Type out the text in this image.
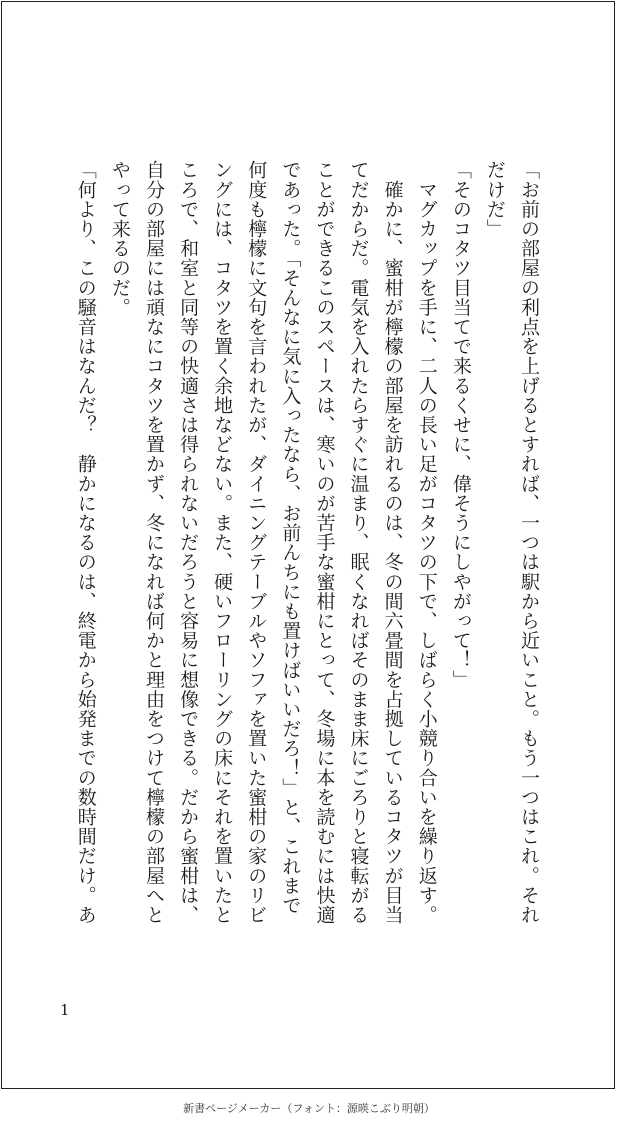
「お前の部屋の利点を上げるとすれば、一つは駅から近いこと。もう一つはこれ。それだけだ」

「そのコタツ目当てで来るくせに、偉そうにしやがって！」

　マグカップを手に、二人の長い足がコタツの下で、しばらく小競り合いを繰り返す。

　確かに、蜜柑が檸檬の部屋を訪れるのは、冬の間六畳間を占拠しているコタツが目当てだからだ。電気を入れたらすぐに温まり、眠くなればそのまま床にごろりと寝転がることができるこのスペースは、寒いのが苦手な蜜柑にとって、冬場に本を読むには快適であった。「そんなに気に入ったなら、お前んちにも置けばいいだろ！」と、これまで何度も檸檬に文句を言われたが、ダイニングテーブルやソファを置いた蜜柑の家のリビングには、コタツを置く余地などない。また、硬いフローリングの床にそれを置いたところで、和室と同等の快適さは得られないだろうと容易に想像できる。だから蜜柑は、自分の部屋には頑なにコタツを置かず、冬になれば何かと理由をつけて檸檬の部屋へとやって来るのだ。

「何より、この騒音はなんだ？　静かになるのは、終電から始発までの数時間だけ。あ

1
新書ページメーカー（フォント：源暎こぶり明朝）
